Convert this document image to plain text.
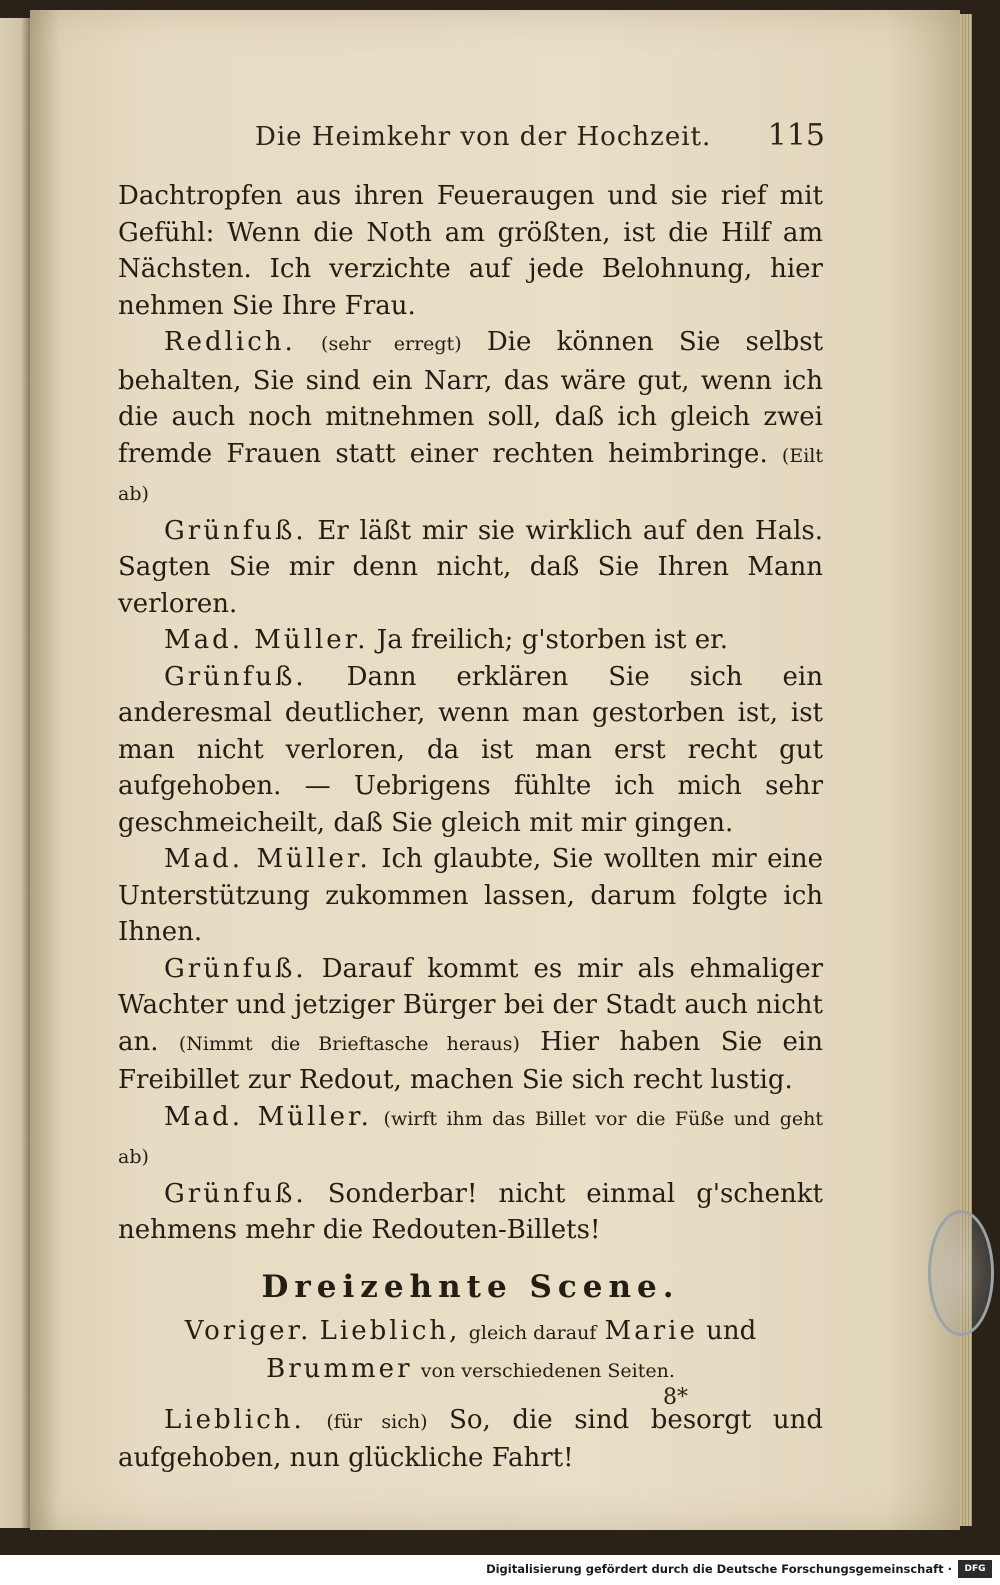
Die Heimkehr von der Hochzeit. 115

Dachtropfen aus ihren Feueraugen und sie rief mit Gefühl: Wenn die Noth am größten, ist die Hilf am Nächsten. Ich verzichte auf jede Belohnung, hier nehmen Sie Ihre Frau.

Redlich. (sehr erregt) Die können Sie selbst behalten, Sie sind ein Narr, das wäre gut, wenn ich die auch noch mitnehmen soll, daß ich gleich zwei fremde Frauen statt einer rechten heimbringe. (Eilt ab)

Grünfuß. Er läßt mir sie wirklich auf den Hals. Sagten Sie mir denn nicht, daß Sie Ihren Mann verloren.

Mad. Müller. Ja freilich; g'storben ist er.

Grünfuß. Dann erklären Sie sich ein anderesmal deutlicher, wenn man gestorben ist, ist man nicht verloren, da ist man erst recht gut aufgehoben. — Uebrigens fühlte ich mich sehr geschmeicheilt, daß Sie gleich mit mir gingen.

Mad. Müller. Ich glaubte, Sie wollten mir eine Unterstützung zukommen lassen, darum folgte ich Ihnen.

Grünfuß. Darauf kommt es mir als ehmaliger Wachter und jetziger Bürger bei der Stadt auch nicht an. (Nimmt die Brieftasche heraus) Hier haben Sie ein Freibillet zur Redout, machen Sie sich recht lustig.

Mad. Müller. (wirft ihm das Billet vor die Füße und geht ab)

Grünfuß. Sonderbar! nicht einmal g'schenkt nehmens mehr die Redouten-Billets!

Dreizehnte Scene.
Voriger. Lieblich, gleich darauf Marie und
Brummer von verschiedenen Seiten.

Lieblich. (für sich) So, die sind besorgt und aufgehoben, nun glückliche Fahrt!

8*
Digitalisierung gefördert durch die Deutsche Forschungsgemeinschaft ·	DFG
